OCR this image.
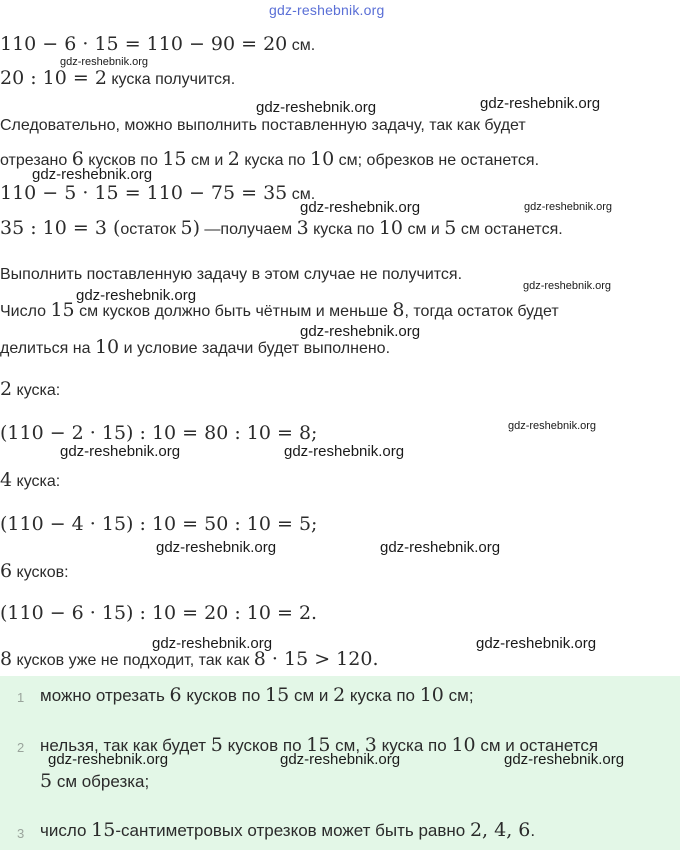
gdz-reshebnik.org
110 − 6 · 15 = 110 − 90 = 20 см.
20 : 10 = 2 куска получится.
Следовательно, можно выполнить поставленную задачу, так как будет
отрезано 6 кусков по 15 см и 2 куска по 10 см; обрезков не останется.
110 − 5 · 15 = 110 − 75 = 35 см.
35 : 10 = 3 (остаток 5) —получаем 3 куска по 10 см и 5 см останется.
Выполнить поставленную задачу в этом случае не получится.
Число 15 см кусков должно быть чётным и меньше 8, тогда остаток будет
делиться на 10 и условие задачи будет выполнено.
2 куска:
(110 − 2 · 15) : 10 = 80 : 10 = 8;
4 куска:
(110 − 4 · 15) : 10 = 50 : 10 = 5;
6 кусков:
(110 − 6 · 15) : 10 = 20 : 10 = 2.
8 кусков уже не подходит, так как 8 · 15 > 120.
1 можно отрезать 6 кусков по 15 см и 2 куска по 10 см;
2 нельзя, так как будет 5 кусков по 15 см, 3 куска по 10 см и останется
5 см обрезка;
3 число 15-сантиметровых отрезков может быть равно 2, 4, 6.
gdz-reshebnik.org
gdz-reshebnik.org	gdz-reshebnik.org
gdz-reshebnik.org
gdz-reshebnik.org	gdz-reshebnik.org
gdz-reshebnik.org
gdz-reshebnik.org
gdz-reshebnik.org
gdz-reshebnik.org
gdz-reshebnik.org	gdz-reshebnik.org
gdz-reshebnik.org	gdz-reshebnik.org
gdz-reshebnik.org	gdz-reshebnik.org
gdz-reshebnik.org	gdz-reshebnik.org	gdz-reshebnik.org
